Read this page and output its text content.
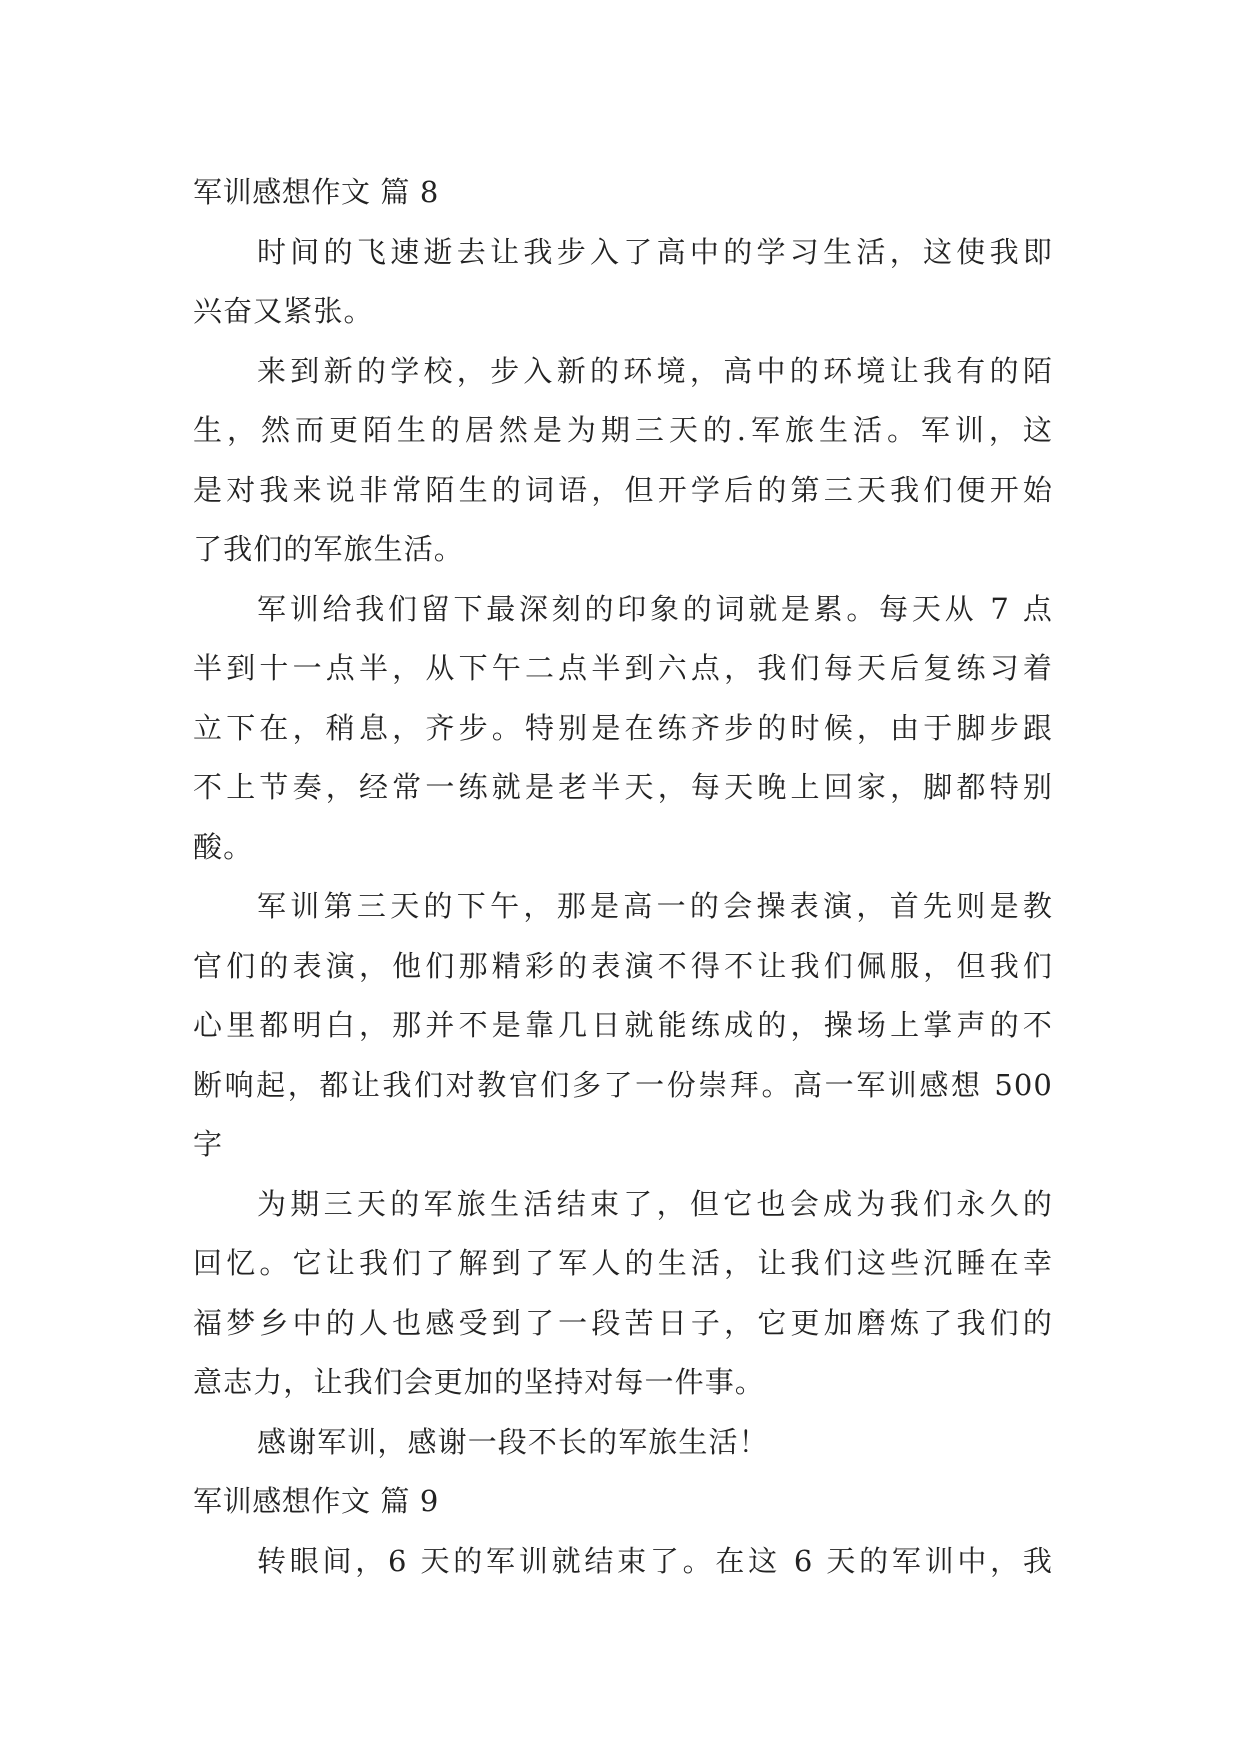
军训感想作文 篇 8
时间的飞速逝去让我步入了高中的学习生活，这使我即
兴奋又紧张。
来到新的学校，步入新的环境，高中的环境让我有的陌
生，然而更陌生的居然是为期三天的.军旅生活。军训，这
是对我来说非常陌生的词语，但开学后的第三天我们便开始
了我们的军旅生活。
军训给我们留下最深刻的印象的词就是累。每天从 7 点
半到十一点半，从下午二点半到六点，我们每天后复练习着
立下在，稍息，齐步。特别是在练齐步的时候，由于脚步跟
不上节奏，经常一练就是老半天，每天晚上回家，脚都特别
酸。
军训第三天的下午，那是高一的会操表演，首先则是教
官们的表演，他们那精彩的表演不得不让我们佩服，但我们
心里都明白，那并不是靠几日就能练成的，操场上掌声的不
断响起，都让我们对教官们多了一份崇拜。高一军训感想 500
字
为期三天的军旅生活结束了，但它也会成为我们永久的
回忆。它让我们了解到了军人的生活，让我们这些沉睡在幸
福梦乡中的人也感受到了一段苦日子，它更加磨炼了我们的
意志力，让我们会更加的坚持对每一件事。
感谢军训，感谢一段不长的军旅生活！
军训感想作文 篇 9
转眼间，6 天的军训就结束了。在这 6 天的军训中，我
